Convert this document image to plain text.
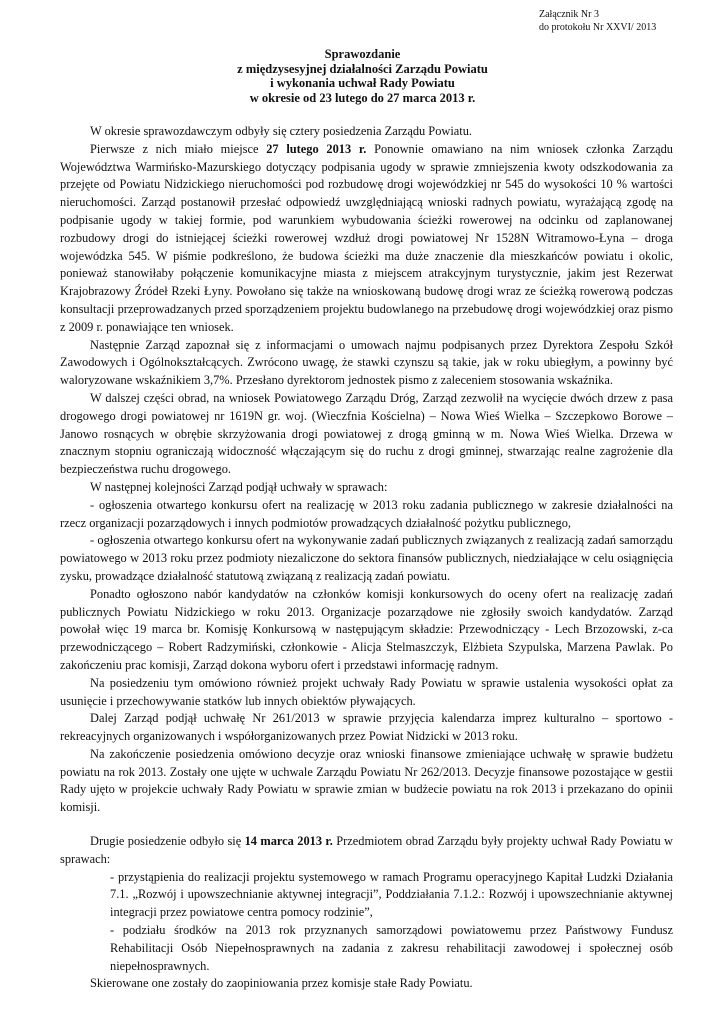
Załącznik Nr 3
do protokołu Nr XXVI/ 2013
Sprawozdanie
z międzysesyjnej działalności Zarządu Powiatu
i wykonania uchwał Rady Powiatu
w okresie od 23 lutego do 27 marca 2013 r.

W okresie sprawozdawczym odbyły się cztery posiedzenia Zarządu Powiatu.

Pierwsze z nich miało miejsce 27 lutego 2013 r. Ponownie omawiano na nim wniosek członka Zarządu Województwa Warmińsko-Mazurskiego dotyczący podpisania ugody w sprawie zmniejszenia kwoty odszkodowania za przejęte od Powiatu Nidzickiego nieruchomości pod rozbudowę drogi wojewódzkiej nr 545 do wysokości 10 % wartości nieruchomości. Zarząd postanowił przesłać odpowiedź uwzględniającą wnioski radnych powiatu, wyrażającą zgodę na podpisanie ugody w takiej formie, pod warunkiem wybudowania ścieżki rowerowej na odcinku od zaplanowanej rozbudowy drogi do istniejącej ścieżki rowerowej wzdłuż drogi powiatowej Nr 1528N Witramowo-Łyna – droga wojewódzka 545. W piśmie podkreślono, że budowa ścieżki ma duże znaczenie dla mieszkańców powiatu i okolic, ponieważ stanowiłaby połączenie komunikacyjne miasta z miejscem atrakcyjnym turystycznie, jakim jest Rezerwat Krajobrazowy Źródeł Rzeki Łyny. Powołano się także na wnioskowaną budowę drogi wraz ze ścieżką rowerową podczas konsultacji przeprowadzanych przed sporządzeniem projektu budowlanego na przebudowę drogi wojewódzkiej oraz pismo z 2009 r. ponawiające ten wniosek.

Następnie Zarząd zapoznał się z informacjami o umowach najmu podpisanych przez Dyrektora Zespołu Szkół Zawodowych i Ogólnokształcących. Zwrócono uwagę, że stawki czynszu są takie, jak w roku ubiegłym, a powinny być waloryzowane wskaźnikiem 3,7%. Przesłano dyrektorom jednostek pismo z zaleceniem stosowania wskaźnika.

W dalszej części obrad, na wniosek Powiatowego Zarządu Dróg, Zarząd zezwolił na wycięcie dwóch drzew z pasa drogowego drogi powiatowej nr 1619N gr. woj. (Wieczfnia Kościelna) – Nowa Wieś Wielka – Szczepkowo Borowe – Janowo rosnących w obrębie skrzyżowania drogi powiatowej z drogą gminną w m. Nowa Wieś Wielka. Drzewa w znacznym stopniu ograniczają widoczność włączającym się do ruchu z drogi gminnej, stwarzając realne zagrożenie dla bezpieczeństwa ruchu drogowego.

W następnej kolejności Zarząd podjął uchwały w sprawach:

- ogłoszenia otwartego konkursu ofert na realizację w 2013 roku zadania publicznego w zakresie działalności na rzecz organizacji pozarządowych i innych podmiotów prowadzących działalność pożytku publicznego,

- ogłoszenia otwartego konkursu ofert na wykonywanie zadań publicznych związanych z realizacją zadań samorządu powiatowego w 2013 roku przez podmioty niezaliczone do sektora finansów publicznych, niedziałające w celu osiągnięcia zysku, prowadzące działalność statutową związaną z realizacją zadań powiatu.

Ponadto ogłoszono nabór kandydatów na członków komisji konkursowych do oceny ofert na realizację zadań publicznych Powiatu Nidzickiego w roku 2013. Organizacje pozarządowe nie zgłosiły swoich kandydatów. Zarząd powołał więc 19 marca br. Komisję Konkursową w następującym składzie: Przewodniczący - Lech Brzozowski, z-ca przewodniczącego – Robert Radzymiński, członkowie - Alicja Stelmaszczyk, Elżbieta Szypulska, Marzena Pawlak. Po zakończeniu prac komisji, Zarząd dokona wyboru ofert i przedstawi informację radnym.

Na posiedzeniu tym omówiono również projekt uchwały Rady Powiatu w sprawie ustalenia wysokości opłat za usunięcie i przechowywanie statków lub innych obiektów pływających.

Dalej Zarząd podjął uchwałę Nr 261/2013 w sprawie przyjęcia kalendarza imprez kulturalno – sportowo - rekreacyjnych organizowanych i współorganizowanych przez Powiat Nidzicki w 2013 roku.

Na zakończenie posiedzenia omówiono decyzje oraz wnioski finansowe zmieniające uchwałę w sprawie budżetu powiatu na rok 2013. Zostały one ujęte w uchwale Zarządu Powiatu Nr 262/2013. Decyzje finansowe pozostające w gestii Rady ujęto w projekcie uchwały Rady Powiatu w sprawie zmian w budżecie powiatu na rok 2013 i przekazano do opinii komisji.

Drugie posiedzenie odbyło się 14 marca 2013 r. Przedmiotem obrad Zarządu były projekty uchwał Rady Powiatu w sprawach:

- przystąpienia do realizacji projektu systemowego w ramach Programu operacyjnego Kapitał Ludzki Działania 7.1. „Rozwój i upowszechnianie aktywnej integracji”, Poddziałania 7.1.2.: Rozwój i upowszechnianie aktywnej integracji przez powiatowe centra pomocy rodzinie”,

- podziału środków na 2013 rok przyznanych samorządowi powiatowemu przez Państwowy Fundusz Rehabilitacji Osób Niepełnosprawnych na zadania z zakresu rehabilitacji zawodowej i społecznej osób niepełnosprawnych.

Skierowane one zostały do zaopiniowania przez komisje stałe Rady Powiatu.
